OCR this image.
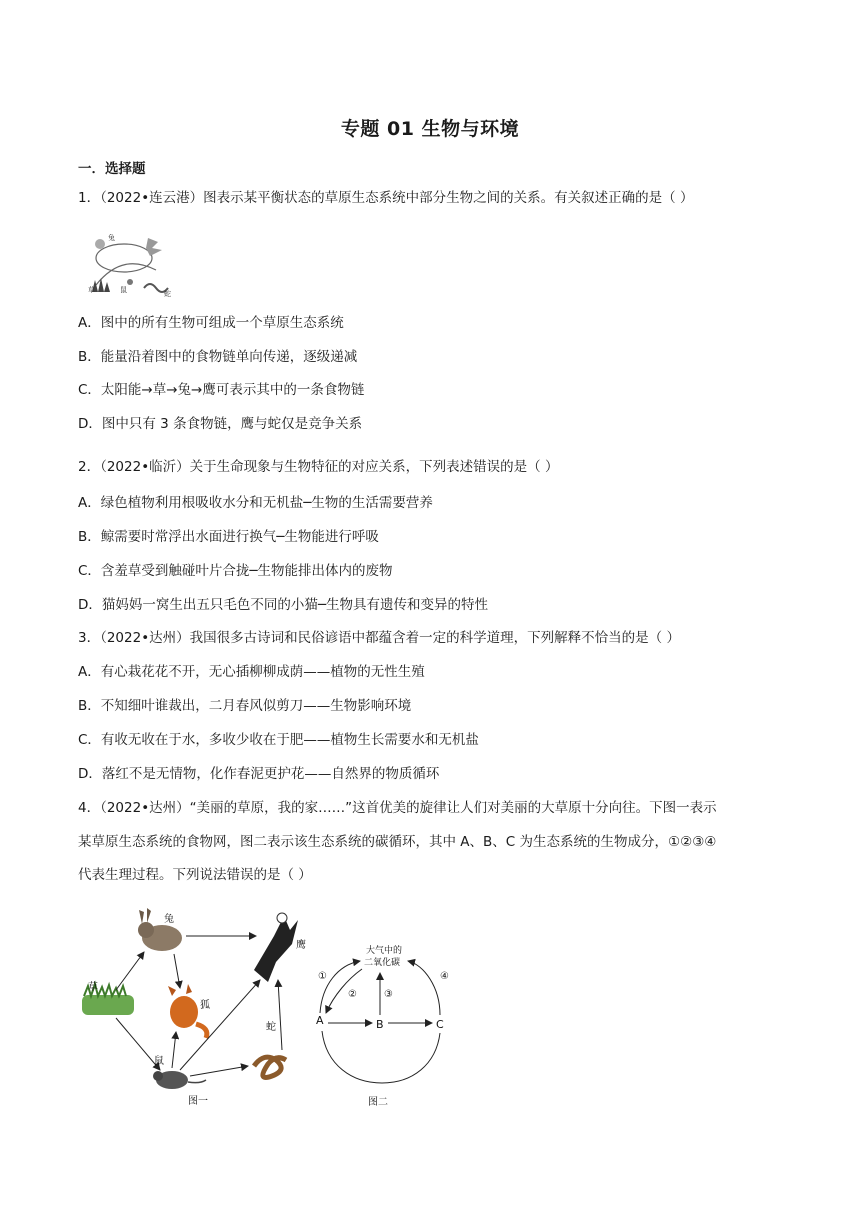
专题 01 生物与环境
一．选择题
1．（2022•连云港）图表示某平衡状态的草原生态系统中部分生物之间的关系。有关叙述正确的是（ ）
草
兔
蛇
鼠
A．图中的所有生物可组成一个草原生态系统
B．能量沿着图中的食物链单向传递，逐级递减
C．太阳能→草→兔→鹰可表示其中的一条食物链
D．图中只有 3 条食物链，鹰与蛇仅是竞争关系
2．（2022•临沂）关于生命现象与生物特征的对应关系，下列表述错误的是（ ）
A．绿色植物利用根吸收水分和无机盐─生物的生活需要营养
B．鲸需要时常浮出水面进行换气─生物能进行呼吸
C．含羞草受到触碰叶片合拢─生物能排出体内的废物
D．猫妈妈一窝生出五只毛色不同的小猫─生物具有遗传和变异的特性
3．（2022•达州）我国很多古诗词和民俗谚语中都蕴含着一定的科学道理，下列解释不恰当的是（ ）
A．有心栽花花不开，无心插柳柳成荫——植物的无性生殖
B．不知细叶谁裁出，二月春风似剪刀——生物影响环境
C．有收无收在于水，多收少收在于肥——植物生长需要水和无机盐
D．落红不是无情物，化作春泥更护花——自然界的物质循环
4．（2022•达州）“美丽的草原，我的家……”这首优美的旋律让人们对美丽的大草原十分向往。下图一表示
某草原生态系统的食物网，图二表示该生态系统的碳循环，其中 A、B、C 为生态系统的生物成分，①②③④
代表生理过程。下列说法错误的是（ ）
兔
鹰
草
狐
蛇
鼠
图一
大气中的
二氧化碳
A	B	C
①
②	③
④
图二
